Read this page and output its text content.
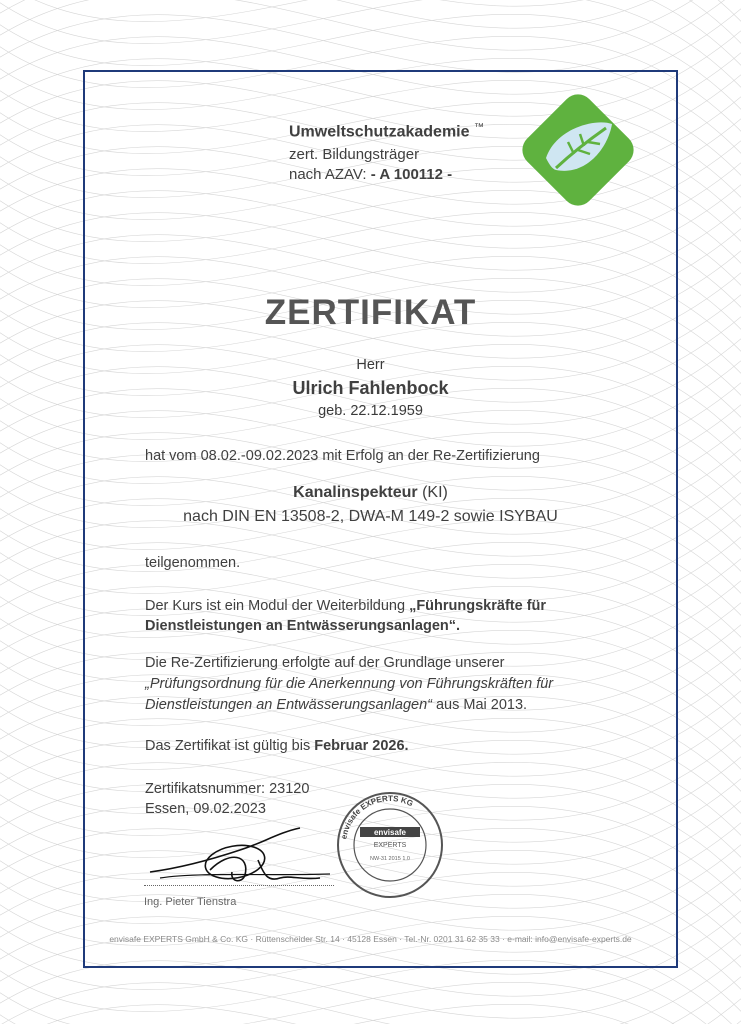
Umweltschutzakademie ™
zert. Bildungsträger
nach AZAV: - A 100112 -
ZERTIFIKAT
Herr
Ulrich Fahlenbock
geb. 22.12.1959
hat vom 08.02.-09.02.2023 mit Erfolg an der Re-Zertifizierung
Kanalinspekteur (KI)
nach DIN EN 13508-2, DWA-M 149-2 sowie ISYBAU
teilgenommen.
Der Kurs ist ein Modul der Weiterbildung „Führungskräfte für
Dienstleistungen an Entwässerungsanlagen“.
Die Re-Zertifizierung erfolgte auf der Grundlage unserer
„Prüfungsordnung für die Anerkennung von Führungskräften für
Dienstleistungen an Entwässerungsanlagen“ aus Mai 2013.
Das Zertifikat ist gültig bis Februar 2026.
Zertifikatsnummer: 23120
Essen, 09.02.2023
Ing. Pieter Tienstra
envisafe EXPERTS KG
envisafe
EXPERTS
NW-31 2015 1.0
envisafe EXPERTS GmbH & Co. KG · Rüttenscheider Str. 14 · 45128 Essen · Tel.-Nr. 0201 31 62 35 33 · e-mail: info@envisafe-experts.de
